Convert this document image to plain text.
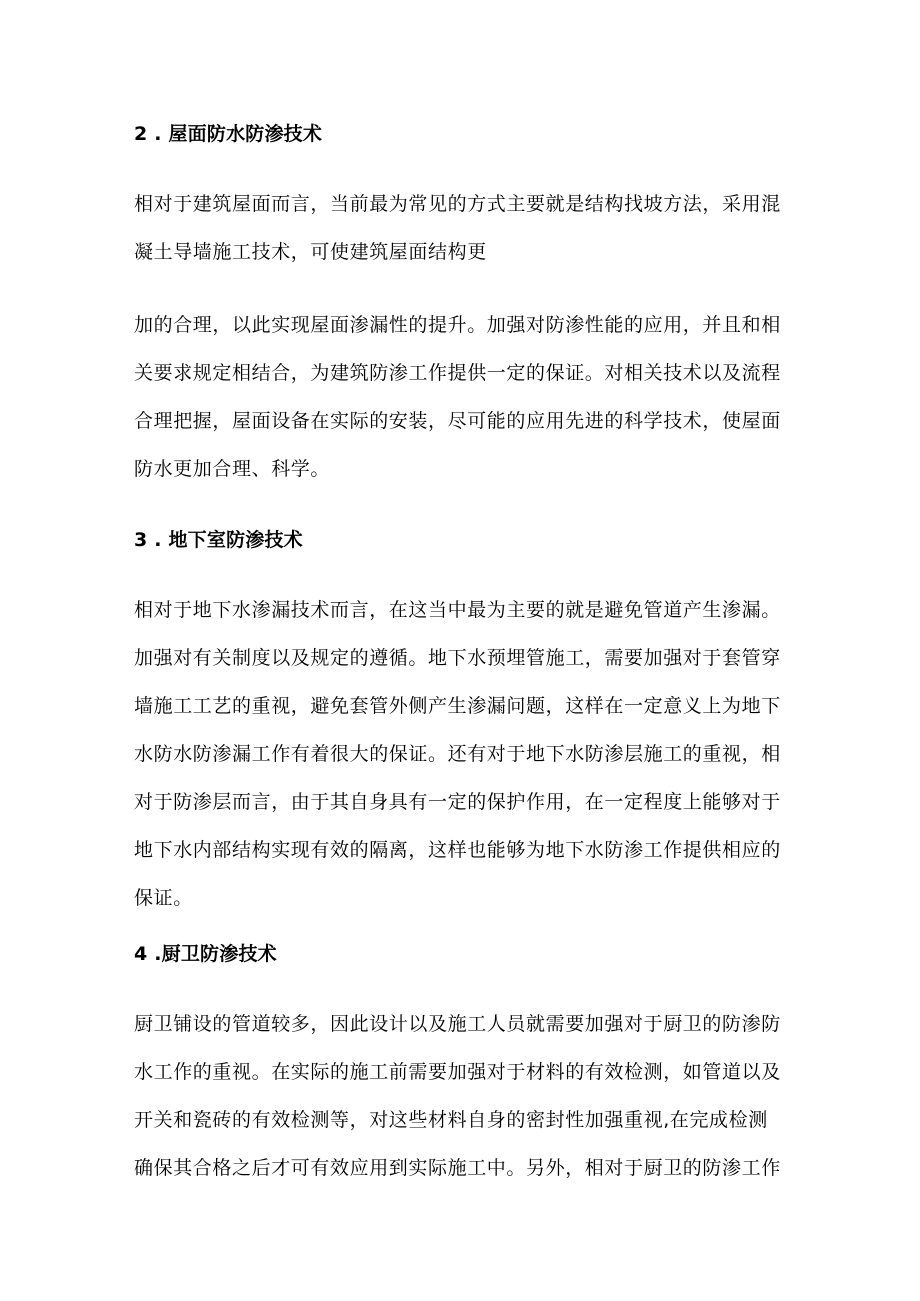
2 . 屋面防水防渗技术
相对于建筑屋面而言，当前最为常见的方式主要就是结构找坡方法，采用混
凝土导墙施工技术，可使建筑屋面结构更
加的合理，以此实现屋面渗漏性的提升。加强对防渗性能的应用，并且和相
关要求规定相结合，为建筑防渗工作提供一定的保证。对相关技术以及流程
合理把握，屋面设备在实际的安装，尽可能的应用先进的科学技术，使屋面
防水更加合理、科学。
3 . 地下室防渗技术
相对于地下水渗漏技术而言，在这当中最为主要的就是避免管道产生渗漏。
加强对有关制度以及规定的遵循。地下水预埋管施工，需要加强对于套管穿
墙施工工艺的重视，避免套管外侧产生渗漏问题，这样在一定意义上为地下
水防水防渗漏工作有着很大的保证。还有对于地下水防渗层施工的重视，相
对于防渗层而言，由于其自身具有一定的保护作用，在一定程度上能够对于
地下水内部结构实现有效的隔离，这样也能够为地下水防渗工作提供相应的
保证。
4 .厨卫防渗技术
厨卫铺设的管道较多，因此设计以及施工人员就需要加强对于厨卫的防渗防
水工作的重视。在实际的施工前需要加强对于材料的有效检测，如管道以及
开关和瓷砖的有效检测等，对这些材料自身的密封性加强重视,在完成检测
确保其合格之后才可有效应用到实际施工中。另外，相对于厨卫的防渗工作
